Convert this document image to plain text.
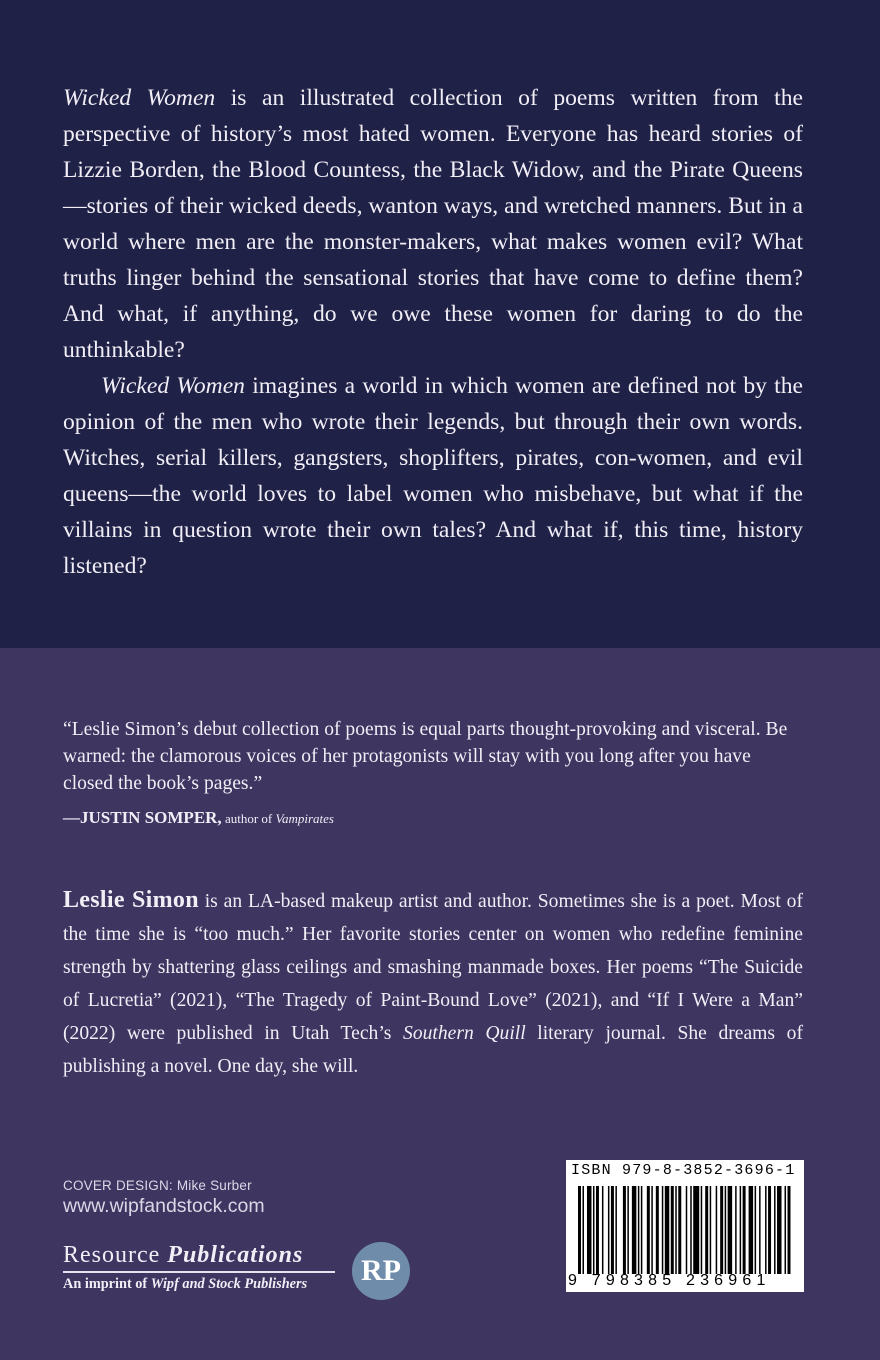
Wicked Women is an illustrated collection of poems written from the perspective of history’s most hated women. Everyone has heard stories of Lizzie Borden, the Blood Countess, the Black Widow, and the Pirate Queens—stories of their wicked deeds, wanton ways, and wretched manners. But in a world where men are the monster-makers, what makes women evil? What truths linger behind the sensational stories that have come to define them? And what, if anything, do we owe these women for daring to do the unthinkable?

Wicked Women imagines a world in which women are defined not by the opinion of the men who wrote their legends, but through their own words. Witches, serial killers, gangsters, shoplifters, pirates, con-women, and evil queens—the world loves to label women who misbehave, but what if the villains in question wrote their own tales? And what if, this time, history listened?

“Leslie Simon’s debut collection of poems is equal parts thought-provoking and visceral. Be warned: the clamorous voices of her protagonists will stay with you long after you have closed the book’s pages.”

—JUSTIN SOMPER, author of Vampirates

Leslie Simon is an LA-based makeup artist and author. Sometimes she is a poet. Most of the time she is “too much.” Her favorite stories center on women who redefine feminine strength by shattering glass ceilings and smashing manmade boxes. Her poems “The Suicide of Lucretia” (2021), “The Tragedy of Paint-Bound Love” (2021), and “If I Were a Man” (2022) were published in Utah Tech’s Southern Quill literary journal. She dreams of publishing a novel. One day, she will.

COVER DESIGN: Mike Surber
www.wipfandstock.com
Resource Publications
An imprint of Wipf and Stock Publishers	RP
ISBN 979-8-3852-3696-1
9 798385 236961
